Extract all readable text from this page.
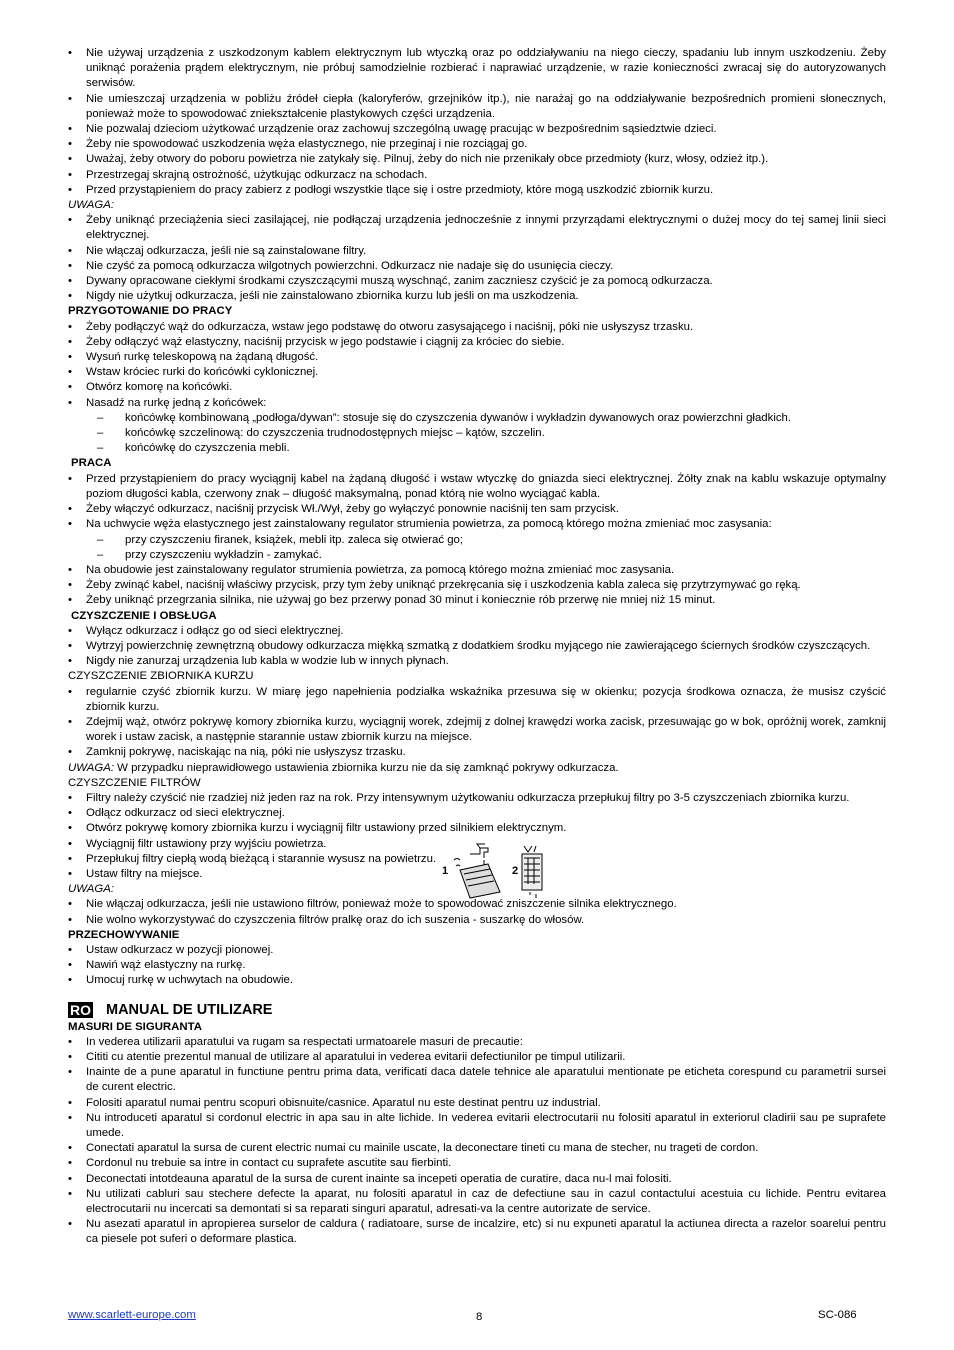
• Nie używaj urządzenia z uszkodzonym kablem elektrycznym lub wtyczką oraz po oddziaływaniu na niego cieczy, spadaniu lub innym uszkodzeniu. Żeby uniknąć porażenia prądem elektrycznym, nie próbuj samodzielnie rozbierać i naprawiać urządzenie, w razie konieczności zwracaj się do autoryzowanych serwisów.
• Nie umieszczaj urządzenia w pobliżu źródeł ciepła (kaloryferów, grzejników itp.), nie narażaj go na oddziaływanie bezpośrednich promieni słonecznych, ponieważ może to spowodować zniekształcenie plastykowych części urządzenia.
• Nie pozwalaj dzieciom użytkować urządzenie oraz zachowuj szczególną uwagę pracując w bezpośrednim sąsiedztwie dzieci.
• Żeby nie spowodować uszkodzenia węża elastycznego, nie przeginaj i nie rozciągaj go.
• Uważaj, żeby otwory do poboru powietrza nie zatykały się. Pilnuj, żeby do nich nie przenikały obce przedmioty (kurz, włosy, odzież itp.).
• Przestrzegaj skrajną ostrożność, użytkując odkurzacz na schodach.
• Przed przystąpieniem do pracy zabierz z podłogi wszystkie tlące się i ostre przedmioty, które mogą uszkodzić zbiornik kurzu.
UWAGA:
• Żeby uniknąć przeciążenia sieci zasilającej, nie podłączaj urządzenia jednocześnie z innymi przyrządami elektrycznymi o dużej mocy do tej samej linii sieci elektrycznej.
• Nie włączaj odkurzacza, jeśli nie są zainstalowane filtry.
• Nie czyść za pomocą odkurzacza wilgotnych powierzchni. Odkurzacz nie nadaje się do usunięcia cieczy.
• Dywany opracowane ciekłymi środkami czyszczącymi muszą wyschnąć, zanim zaczniesz czyścić je za pomocą odkurzacza.
• Nigdy nie użytkuj odkurzacza, jeśli nie zainstalowano zbiornika kurzu lub jeśli on ma uszkodzenia.
PRZYGOTOWANIE DO PRACY
• Żeby podłączyć wąż do odkurzacza, wstaw jego podstawę do otworu zasysającego i naciśnij, póki nie usłyszysz trzasku.
• Żeby odłączyć wąż elastyczny, naciśnij przycisk w jego podstawie i ciągnij za króciec do siebie.
• Wysuń rurkę teleskopową na żądaną długość.
• Wstaw króciec rurki do końcówki cyklonicznej.
• Otwórz komorę na końcówki.
• Nasadź na rurkę jedną z końcówek:
– końcówkę kombinowaną „podłoga/dywan”: stosuje się do czyszczenia dywanów i wykładzin dywanowych oraz powierzchni gładkich.
– końcówkę szczelinową: do czyszczenia trudnodostępnych miejsc – kątów, szczelin.
– końcówkę do czyszczenia mebli.
PRACA
• Przed przystąpieniem do pracy wyciągnij kabel na żądaną długość i wstaw wtyczkę do gniazda sieci elektrycznej. Żółty znak na kablu wskazuje optymalny poziom długości kabla, czerwony znak – długość maksymalną, ponad którą nie wolno wyciągać kabla.
• Żeby włączyć odkurzacz, naciśnij przycisk Wł./Wył, żeby go wyłączyć ponownie naciśnij ten sam przycisk.
• Na uchwycie węża elastycznego jest zainstalowany regulator strumienia powietrza, za pomocą którego można zmieniać moc zasysania:
– przy czyszczeniu firanek, książek, mebli itp. zaleca się otwierać go;
– przy czyszczeniu wykładzin - zamykać.
• Na obudowie jest zainstalowany regulator strumienia powietrza, za pomocą którego można zmieniać moc zasysania.
• Żeby zwinąć kabel, naciśnij właściwy przycisk, przy tym żeby uniknąć przekręcania się i uszkodzenia kabla zaleca się przytrzymywać go ręką.
• Żeby uniknąć przegrzania silnika, nie używaj go bez przerwy ponad 30 minut i koniecznie rób przerwę nie mniej niż 15 minut.
CZYSZCZENIE I OBSŁUGA
• Wyłącz odkurzacz i odłącz go od sieci elektrycznej.
• Wytrzyj powierzchnię zewnętrzną obudowy odkurzacza miękką szmatką z dodatkiem środku myjącego nie zawierającego ściernych środków czyszczących.
• Nigdy nie zanurzaj urządzenia lub kabla w wodzie lub w innych płynach.
CZYSZCZENIE ZBIORNIKA KURZU
• regularnie czyść zbiornik kurzu. W miarę jego napełnienia podziałka wskaźnika przesuwa się w okienku; pozycja środkowa oznacza, że musisz czyścić zbiornik kurzu.
• Zdejmij wąż, otwórz pokrywę komory zbiornika kurzu, wyciągnij worek, zdejmij z dolnej krawędzi worka zacisk, przesuwając go w bok, opróżnij worek, zamknij worek i ustaw zacisk, a następnie starannie ustaw zbiornik kurzu na miejsce.
• Zamknij pokrywę, naciskając na nią, póki nie usłyszysz trzasku.
UWAGA: W przypadku nieprawidłowego ustawienia zbiornika kurzu nie da się zamknąć pokrywy odkurzacza.
CZYSZCZENIE FILTRÓW
• Filtry należy czyścić nie rzadziej niż jeden raz na rok. Przy intensywnym użytkowaniu odkurzacza przepłukuj filtry po 3-5 czyszczeniach zbiornika kurzu.
• Odłącz odkurzacz od sieci elektrycznej.
• Otwórz pokrywę komory zbiornika kurzu i wyciągnij filtr ustawiony przed silnikiem elektrycznym.
• Wyciągnij filtr ustawiony przy wyjściu powietrza.
• Przepłukuj filtry ciepłą wodą bieżącą i starannie wysusz na powietrzu.
• Ustaw filtry na miejsce.
UWAGA:
• Nie włączaj odkurzacza, jeśli nie ustawiono filtrów, ponieważ może to spowodować zniszczenie silnika elektrycznego.
• Nie wolno wykorzystywać do czyszczenia filtrów pralkę oraz do ich suszenia - suszarkę do włosów.
PRZECHOWYWANIE
• Ustaw odkurzacz w pozycji pionowej.
• Nawiń wąż elastyczny na rurkę.
• Umocuj rurkę w uchwytach na obudowie.
RO MANUAL DE UTILIZARE
MASURI DE SIGURANTA
• In vederea utilizarii aparatului va rugam sa respectati urmatoarele masuri de precautie:
• Cititi cu atentie prezentul manual de utilizare al aparatului in vederea evitarii defectiunilor pe timpul utilizarii.
• Inainte de a pune aparatul in functiune pentru prima data, verificati daca datele tehnice ale aparatului mentionate pe eticheta corespund cu parametrii sursei de curent electric.
• Folositi aparatul numai pentru scopuri obisnuite/casnice. Aparatul nu este destinat pentru uz industrial.
• Nu introduceti aparatul si cordonul electric in apa sau in alte lichide. In vederea evitarii electrocutarii nu folositi aparatul in exteriorul cladirii sau pe suprafete umede.
• Conectati aparatul la sursa de curent electric numai cu mainile uscate, la deconectare tineti cu mana de stecher, nu trageti de cordon.
• Cordonul nu trebuie sa intre in contact cu suprafete ascutite sau fierbinti.
• Deconectati intotdeauna aparatul de la sursa de curent inainte sa incepeti operatia de curatire, daca nu-l mai folositi.
• Nu utilizati cabluri sau stechere defecte la aparat, nu folositi aparatul in caz de defectiune sau in cazul contactului acestuia cu lichide. Pentru evitarea electrocutarii nu incercati sa demontati si sa reparati singuri aparatul, adresati-va la centre autorizate de service.
• Nu asezati aparatul in apropierea surselor de caldura ( radiatoare, surse de incalzire, etc) si nu expuneti aparatul la actiunea directa a razelor soarelui pentru ca piesele pot suferi o deformare plastica.
1	2
www.scarlett-europe.com	8	SC-086
